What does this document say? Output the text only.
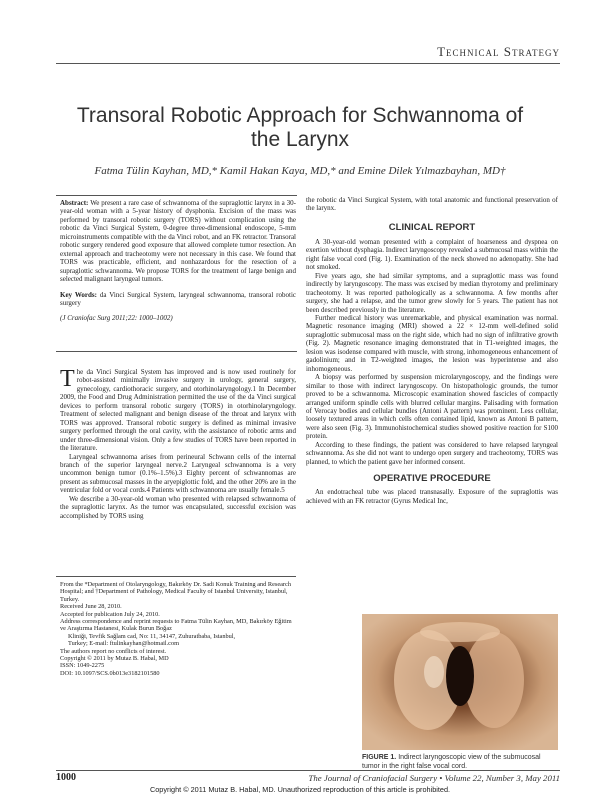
Technical Strategy
Transoral Robotic Approach for Schwannoma of the Larynx
Fatma Tülin Kayhan, MD,* Kamil Hakan Kaya, MD,* and Emine Dilek Yılmazbayhan, MD†

Abstract: We present a rare case of schwannoma of the supraglottic larynx in a 30-year-old woman with a 5-year history of dysphonia. Excision of the mass was performed by transoral robotic surgery (TORS) without complication using the robotic da Vinci Surgical System, 0-degree three-dimensional endoscope, 5-mm microinstruments compatible with the da Vinci robot, and an FK retractor. Transoral robotic surgery rendered good exposure that allowed complete tumor resection. An external approach and tracheotomy were not necessary in this case. We found that TORS was practicable, efficient, and nonhazardous for the resection of a supraglottic schwannoma. We propose TORS for the treatment of large benign and selected malignant laryngeal tumors.

Key Words: da Vinci Surgical System, laryngeal schwannoma, transoral robotic surgery

(J Craniofac Surg 2011;22: 1000–1002)

The da Vinci Surgical System has improved and is now used routinely for robot-assisted minimally invasive surgery in urology, general surgery, gynecology, cardiothoracic surgery, and otorhinolaryngology.1 In December 2009, the Food and Drug Administration permitted the use of the da Vinci surgical devices to perform transoral robotic surgery (TORS) in otorhinolaryngology. Treatment of selected malignant and benign disease of the throat and larynx with TORS was approved. Transoral robotic surgery is defined as minimal invasive surgery performed through the oral cavity, with the assistance of robotic arms and under three-dimensional vision. Only a few studies of TORS have been reported in the literature.

Laryngeal schwannoma arises from perineural Schwann cells of the internal branch of the superior laryngeal nerve.2 Laryngeal schwannoma is a very uncommon benign tumor (0.1%–1.5%).3 Eighty percent of schwannomas are present as submucosal masses in the aryepiglottic fold, and the other 20% are in the ventricular fold or vocal cords.4 Patients with schwannoma are usually female.5

We describe a 30-year-old woman who presented with relapsed schwannoma of the supraglottic larynx. As the tumor was encapsulated, successful excision was accomplished by TORS using

From the *Department of Otolaryngology, Bakırköy Dr. Sadi Konuk Training and Research Hospital; and †Department of Pathology, Medical Faculty of Istanbul University, Istanbul, Turkey.

Received June 28, 2010.

Accepted for publication July 24, 2010.

Address correspondence and reprint requests to Fatma Tülin Kayhan, MD, Bakırköy Eğitim ve Araştırma Hastanesi, Kulak Burun Boğaz

Kliniği, Tevfik Sağlam cad, No: 11, 34147, Zuhuratbaba, Istanbul,

Turkey; E-mail: ftulinkayhan@hotmail.com

The authors report no conflicts of interest.

Copyright © 2011 by Mutaz B. Habal, MD

ISSN: 1049-2275

DOI: 10.1097/SCS.0b013e3182101580

the robotic da Vinci Surgical System, with total anatomic and functional preservation of the larynx.

CLINICAL REPORT

A 30-year-old woman presented with a complaint of hoarseness and dyspnea on exertion without dysphagia. Indirect laryngoscopy revealed a submucosal mass within the right false vocal cord (Fig. 1). Examination of the neck showed no adenopathy. She had not smoked.

Five years ago, she had similar symptoms, and a supraglottic mass was found indirectly by laryngoscopy. The mass was excised by median thyrotomy and preliminary tracheotomy. It was reported pathologically as a schwannoma. A few months after surgery, she had a relapse, and the tumor grew slowly for 5 years. The patient has not been described previously in the literature.

Further medical history was unremarkable, and physical examination was normal. Magnetic resonance imaging (MRI) showed a 22 × 12-mm well-defined solid supraglottic submucosal mass on the right side, which had no sign of infiltrative growth (Fig. 2). Magnetic resonance imaging demonstrated that in T1-weighted images, the lesion was isodense compared with muscle, with strong, inhomogeneous enhancement of gadolinium; and in T2-weighted images, the lesion was hyperintense and also inhomogeneous.

A biopsy was performed by suspension microlaryngoscopy, and the findings were similar to those with indirect laryngoscopy. On histopathologic grounds, the tumor proved to be a schwannoma. Microscopic examination showed fascicles of compactly arranged uniform spindle cells with blurred cellular margins. Palisading with formation of Verocay bodies and cellular bundles (Antoni A pattern) was prominent. Less cellular, loosely textured areas in which cells often contained lipid, known as Antoni B pattern, were also seen (Fig. 3). Immunohistochemical studies showed positive reaction for S100 protein.

According to these findings, the patient was considered to have relapsed laryngeal schwannoma. As she did not want to undergo open surgery and tracheotomy, TORS was planned, to which the patient gave her informed consent.

OPERATIVE PROCEDURE

An endotracheal tube was placed transnasally. Exposure of the supraglottis was achieved with an FK retractor (Gyrus Medical Inc,

FIGURE 1. Indirect laryngoscopic view of the submucosal tumor in the right false vocal cord.
1000	The Journal of Craniofacial Surgery • Volume 22, Number 3, May 2011
Copyright © 2011 Mutaz B. Habal, MD. Unauthorized reproduction of this article is prohibited.
